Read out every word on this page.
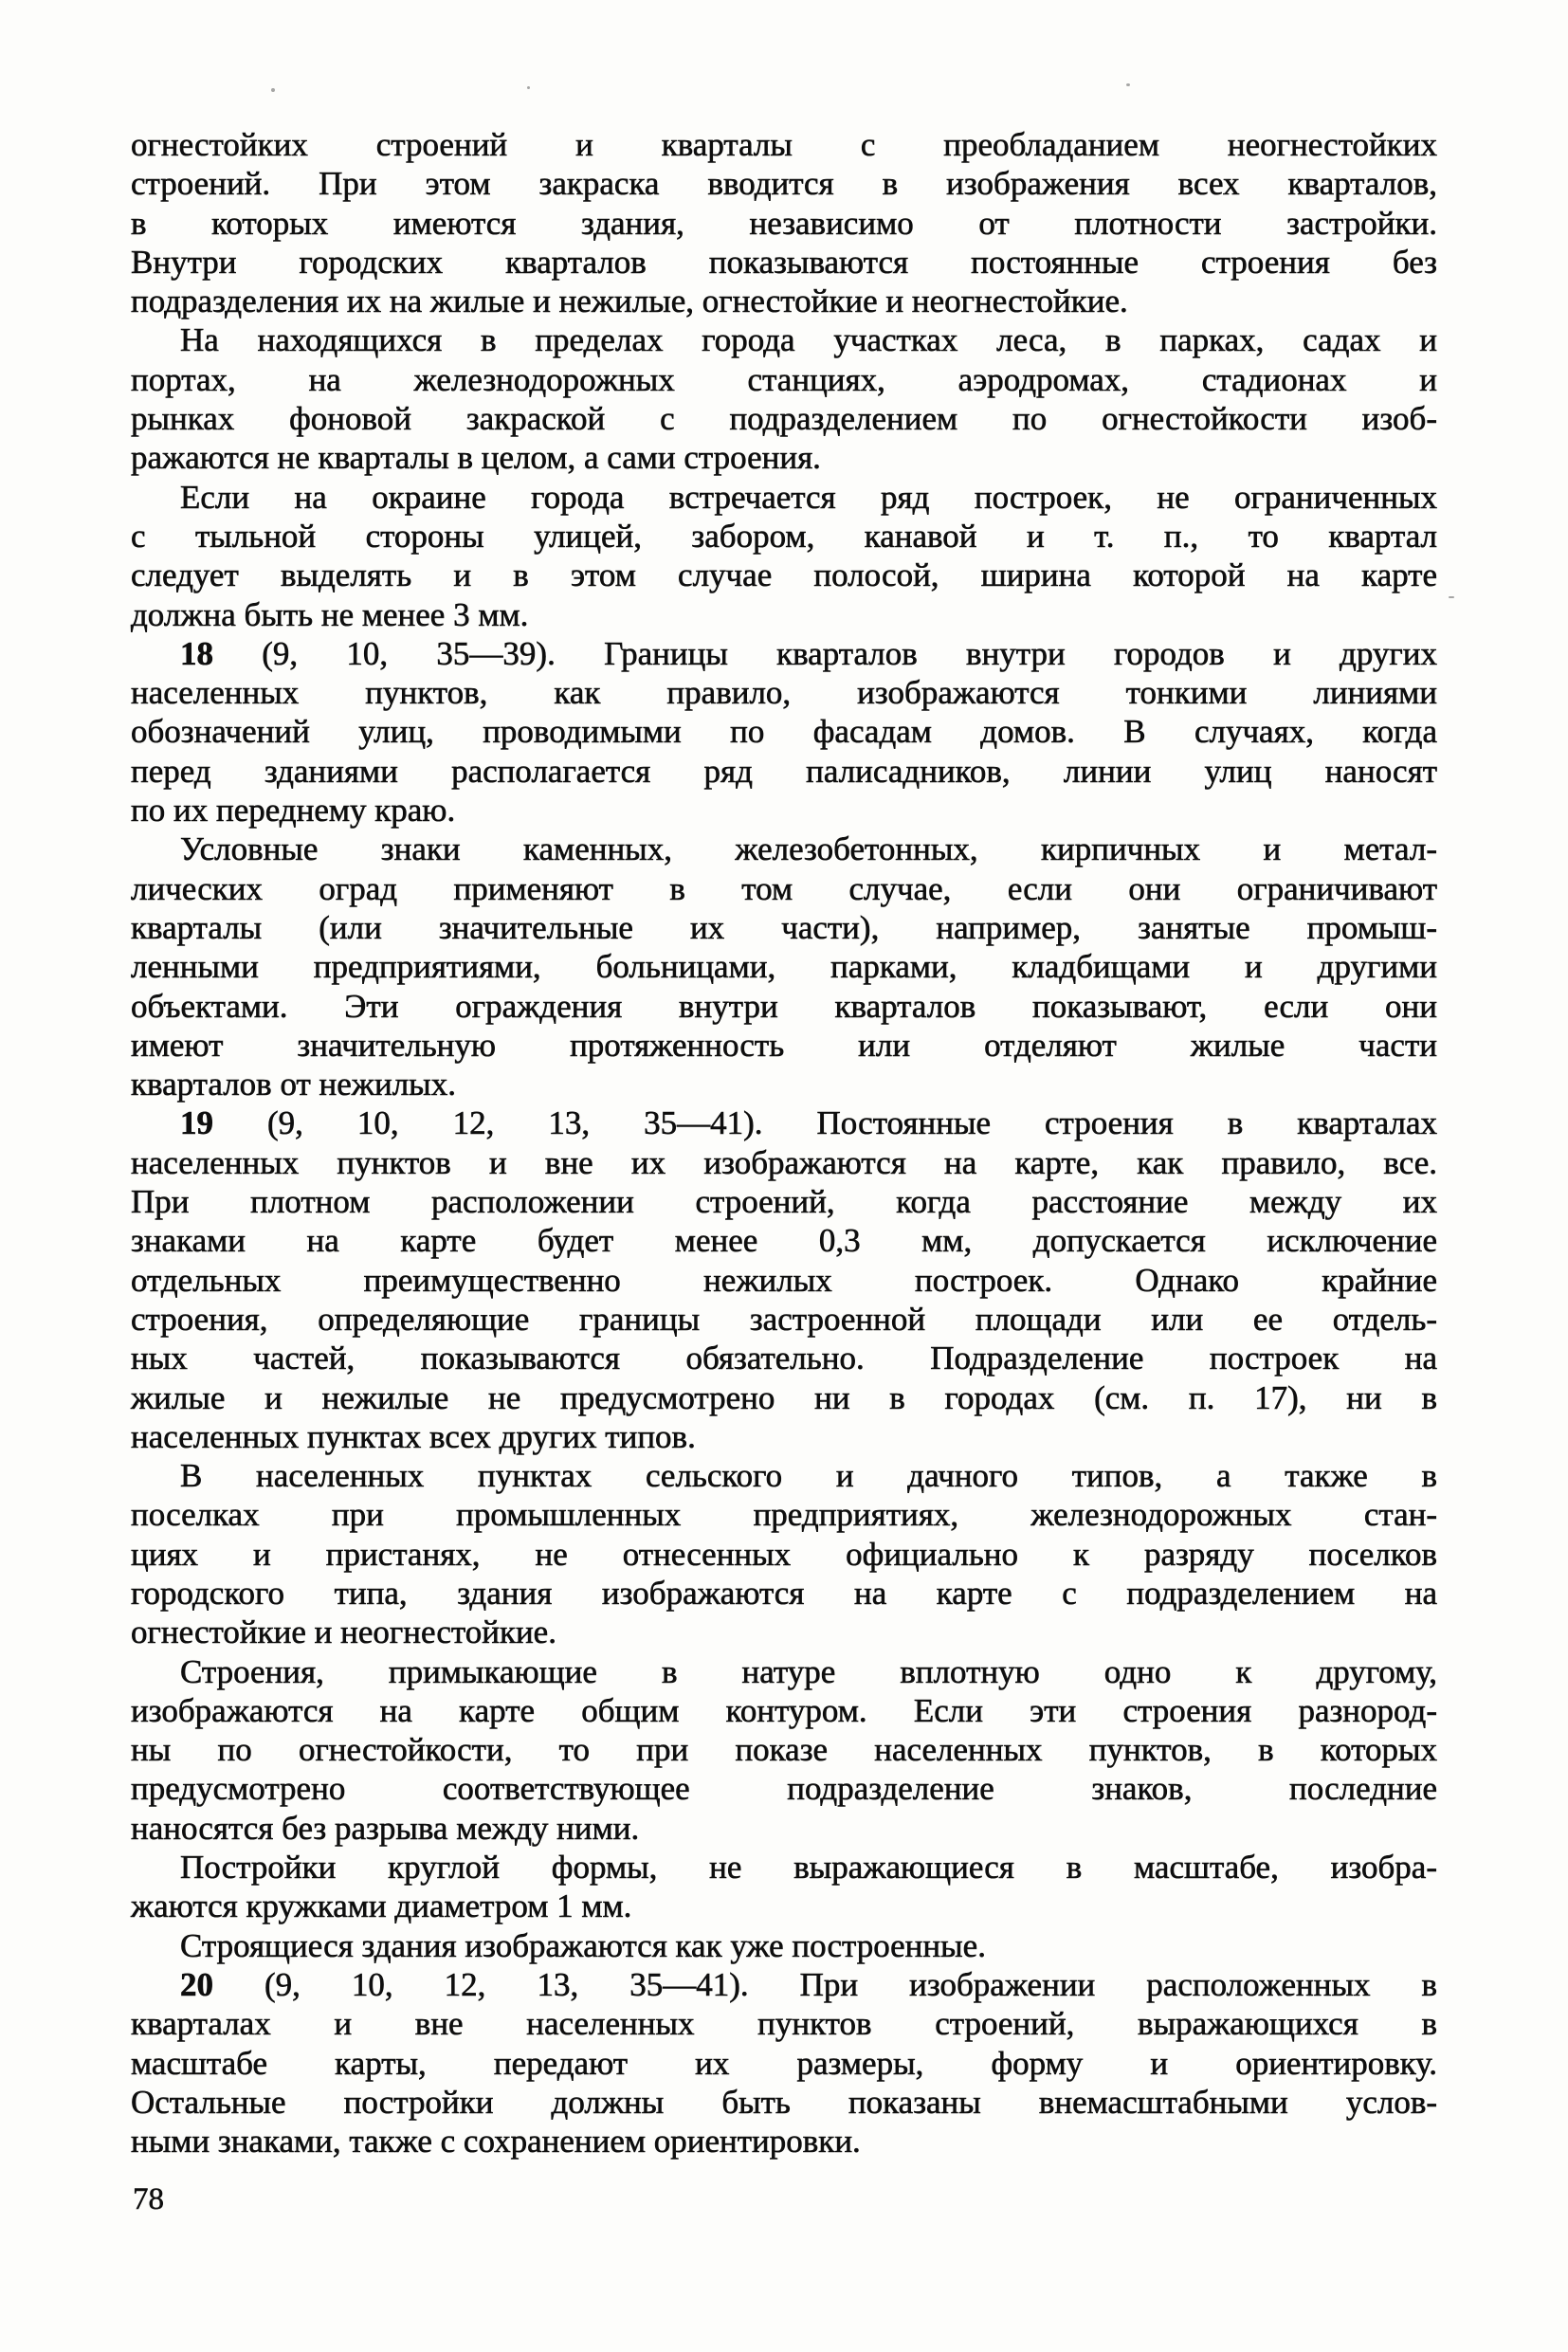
огнестойких строений и кварталы с преобладанием неогнестойких
строений. При этом закраска вводится в изображения всех кварталов,
в которых имеются здания, независимо от плотности застройки.
Внутри городских кварталов показываются постоянные строения без
подразделения их на жилые и нежилые, огнестойкие и неогнестойкие.
На находящихся в пределах города участках леса, в парках, садах и
портах, на железнодорожных станциях, аэродромах, стадионах и
рынках фоновой закраской с подразделением по огнестойкости изоб-
ражаются не кварталы в целом, а сами строения.
Если на окраине города встречается ряд построек, не ограниченных
с тыльной стороны улицей, забором, канавой и т. п., то квартал
следует выделять и в этом случае полосой, ширина которой на карте
должна быть не менее 3 мм.
18 (9, 10, 35—39). Границы кварталов внутри городов и других
населенных пунктов, как правило, изображаются тонкими линиями
обозначений улиц, проводимыми по фасадам домов. В случаях, когда
перед зданиями располагается ряд палисадников, линии улиц наносят
по их переднему краю.
Условные знаки каменных, железобетонных, кирпичных и метал-
лических оград применяют в том случае, если они ограничивают
кварталы (или значительные их части), например, занятые промыш-
ленными предприятиями, больницами, парками, кладбищами и другими
объектами. Эти ограждения внутри кварталов показывают, если они
имеют значительную протяженность или отделяют жилые части
кварталов от нежилых.
19 (9, 10, 12, 13, 35—41). Постоянные строения в кварталах
населенных пунктов и вне их изображаются на карте, как правило, все.
При плотном расположении строений, когда расстояние между их
знаками на карте будет менее 0,3 мм, допускается исключение
отдельных преимущественно нежилых построек. Однако крайние
строения, определяющие границы застроенной площади или ее отдель-
ных частей, показываются обязательно. Подразделение построек на
жилые и нежилые не предусмотрено ни в городах (см. п. 17), ни в
населенных пунктах всех других типов.
В населенных пунктах сельского и дачного типов, а также в
поселках при промышленных предприятиях, железнодорожных стан-
циях и пристанях, не отнесенных официально к разряду поселков
городского типа, здания изображаются на карте с подразделением на
огнестойкие и неогнестойкие.
Строения, примыкающие в натуре вплотную одно к другому,
изображаются на карте общим контуром. Если эти строения разнород-
ны по огнестойкости, то при показе населенных пунктов, в которых
предусмотрено соответствующее подразделение знаков, последние
наносятся без разрыва между ними.
Постройки круглой формы, не выражающиеся в масштабе, изобра-
жаются кружками диаметром 1 мм.
Строящиеся здания изображаются как уже построенные.
20 (9, 10, 12, 13, 35—41). При изображении расположенных в
кварталах и вне населенных пунктов строений, выражающихся в
масштабе карты, передают их размеры, форму и ориентировку.
Остальные постройки должны быть показаны внемасштабными услов-
ными знаками, также с сохранением ориентировки.
78
